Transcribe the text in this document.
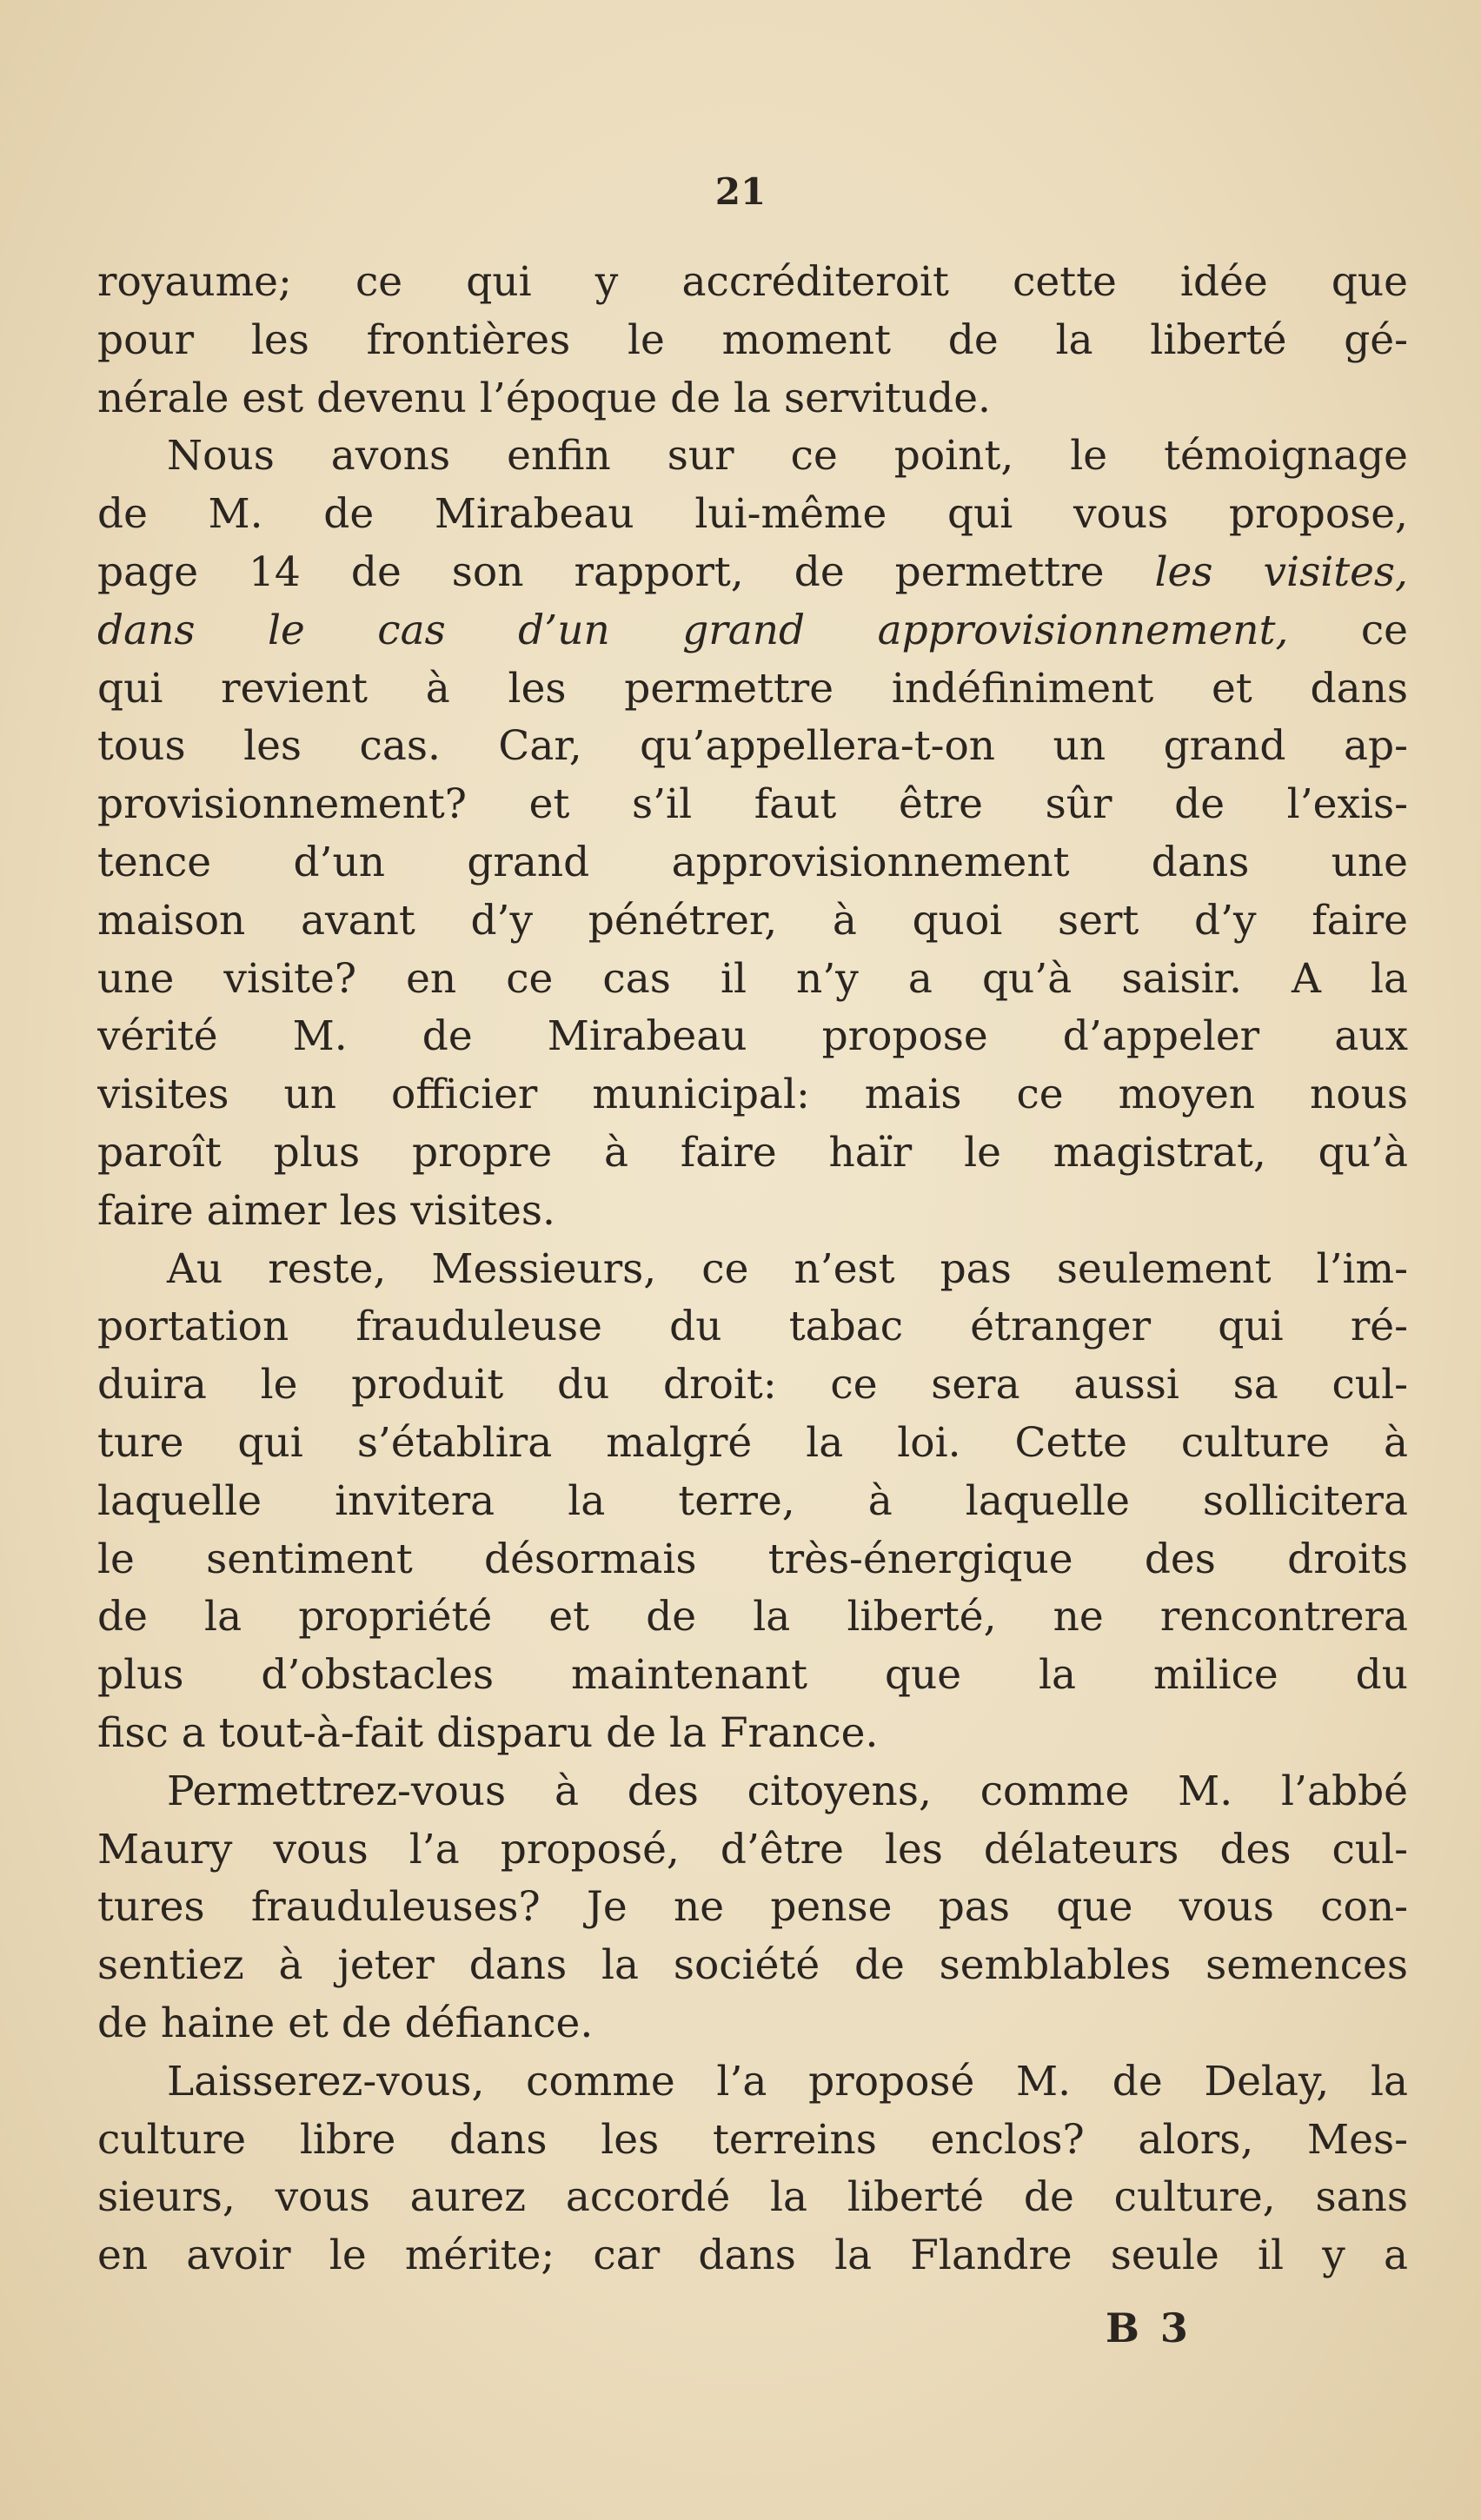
21
royaume; ce qui y accréditeroit cette idée que
pour les frontières le moment de la liberté gé-
nérale est devenu l’époque de la servitude.
Nous avons enfin sur ce point, le témoignage
de M. de Mirabeau lui-même qui vous propose,
page 14 de son rapport, de permettre les visites,
dans le cas d’un grand approvisionnement, ce
qui revient à les permettre indéfiniment et dans
tous les cas. Car, qu’appellera-t-on un grand ap-
provisionnement? et s’il faut être sûr de l’exis-
tence d’un grand approvisionnement dans une
maison avant d’y pénétrer, à quoi sert d’y faire
une visite? en ce cas il n’y a qu’à saisir. A la
vérité M. de Mirabeau propose d’appeler aux
visites un officier municipal: mais ce moyen nous
paroît plus propre à faire haïr le magistrat, qu’à
faire aimer les visites.
Au reste, Messieurs, ce n’est pas seulement l’im-
portation frauduleuse du tabac étranger qui ré-
duira le produit du droit: ce sera aussi sa cul-
ture qui s’établira malgré la loi. Cette culture à
laquelle invitera la terre, à laquelle sollicitera
le sentiment désormais très-énergique des droits
de la propriété et de la liberté, ne rencontrera
plus d’obstacles maintenant que la milice du
fisc a tout-à-fait disparu de la France.
Permettrez-vous à des citoyens, comme M. l’abbé
Maury vous l’a proposé, d’être les délateurs des cul-
tures frauduleuses? Je ne pense pas que vous con-
sentiez à jeter dans la société de semblables semences
de haine et de défiance.
Laisserez-vous, comme l’a proposé M. de Delay, la
culture libre dans les terreins enclos? alors, Mes-
sieurs, vous aurez accordé la liberté de culture, sans
en avoir le mérite; car dans la Flandre seule il y a
B 3
